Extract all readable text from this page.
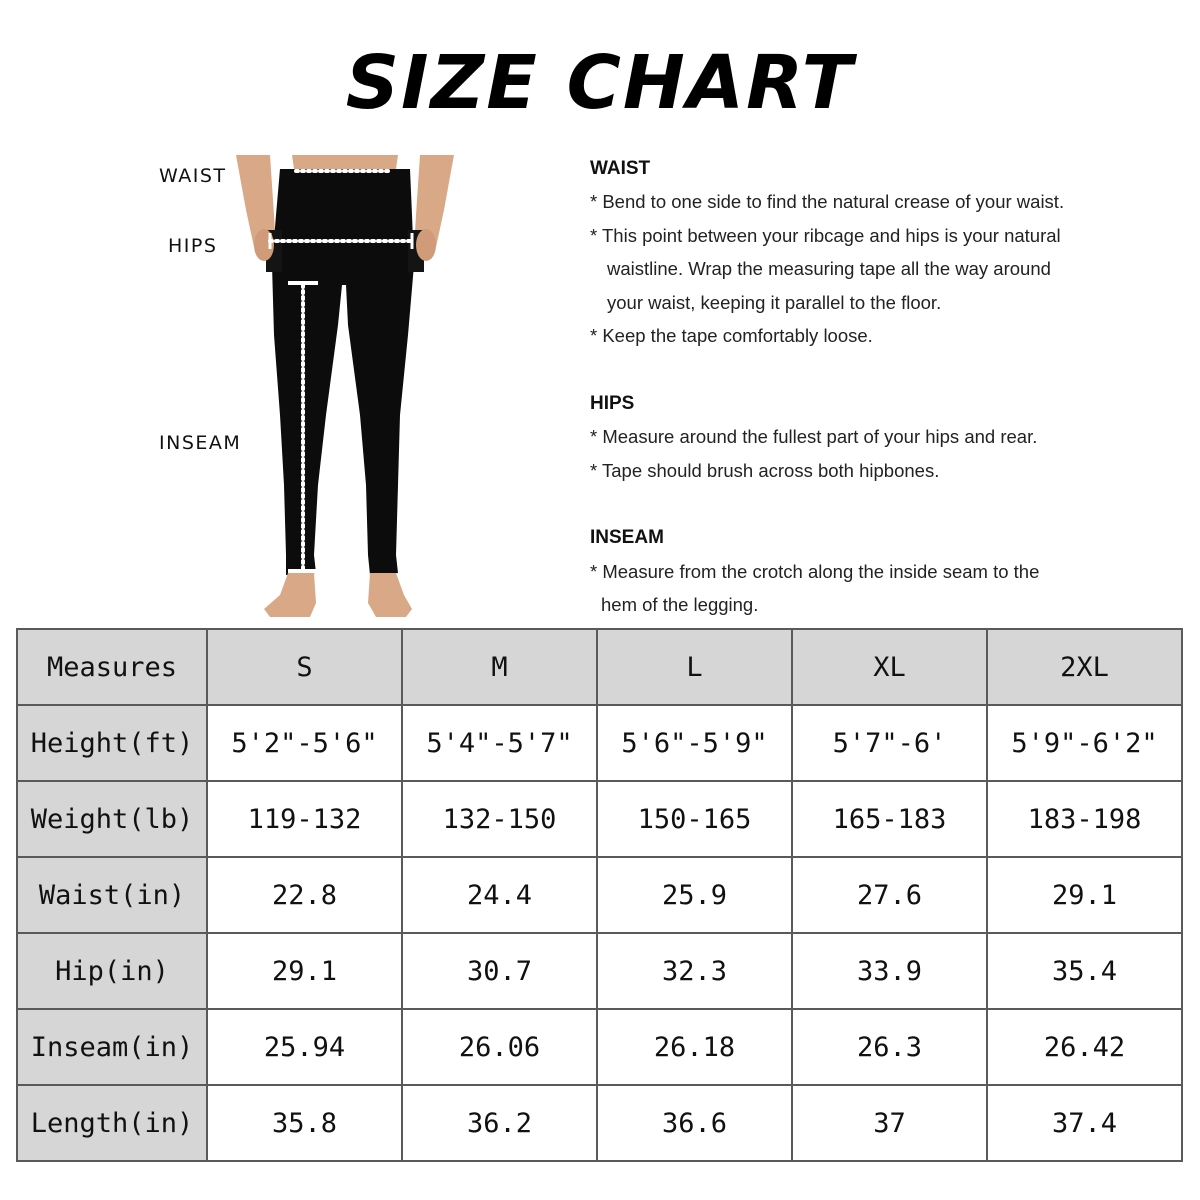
SIZE CHART
WAIST
HIPS
INSEAM
WAIST
* Bend to one side to find the natural crease of your waist.
* This point between your ribcage and hips is your natural
waistline. Wrap the measuring tape all the way around
your waist, keeping it parallel to the floor.
* Keep the tape comfortably loose.
HIPS
* Measure around the fullest part of your hips and rear.
* Tape should brush across both hipbones.
INSEAM
* Measure from the crotch along the inside seam to the
hem of the legging.
Measures	S	M	L	XL	2XL
Height(ft)	5'2"-5'6"	5'4"-5'7"	5'6"-5'9"	5'7"-6'	5'9"-6'2"
Weight(lb)	119-132	132-150	150-165	165-183	183-198
Waist(in)	22.8	24.4	25.9	27.6	29.1
Hip(in)	29.1	30.7	32.3	33.9	35.4
Inseam(in)	25.94	26.06	26.18	26.3	26.42
Length(in)	35.8	36.2	36.6	37	37.4
